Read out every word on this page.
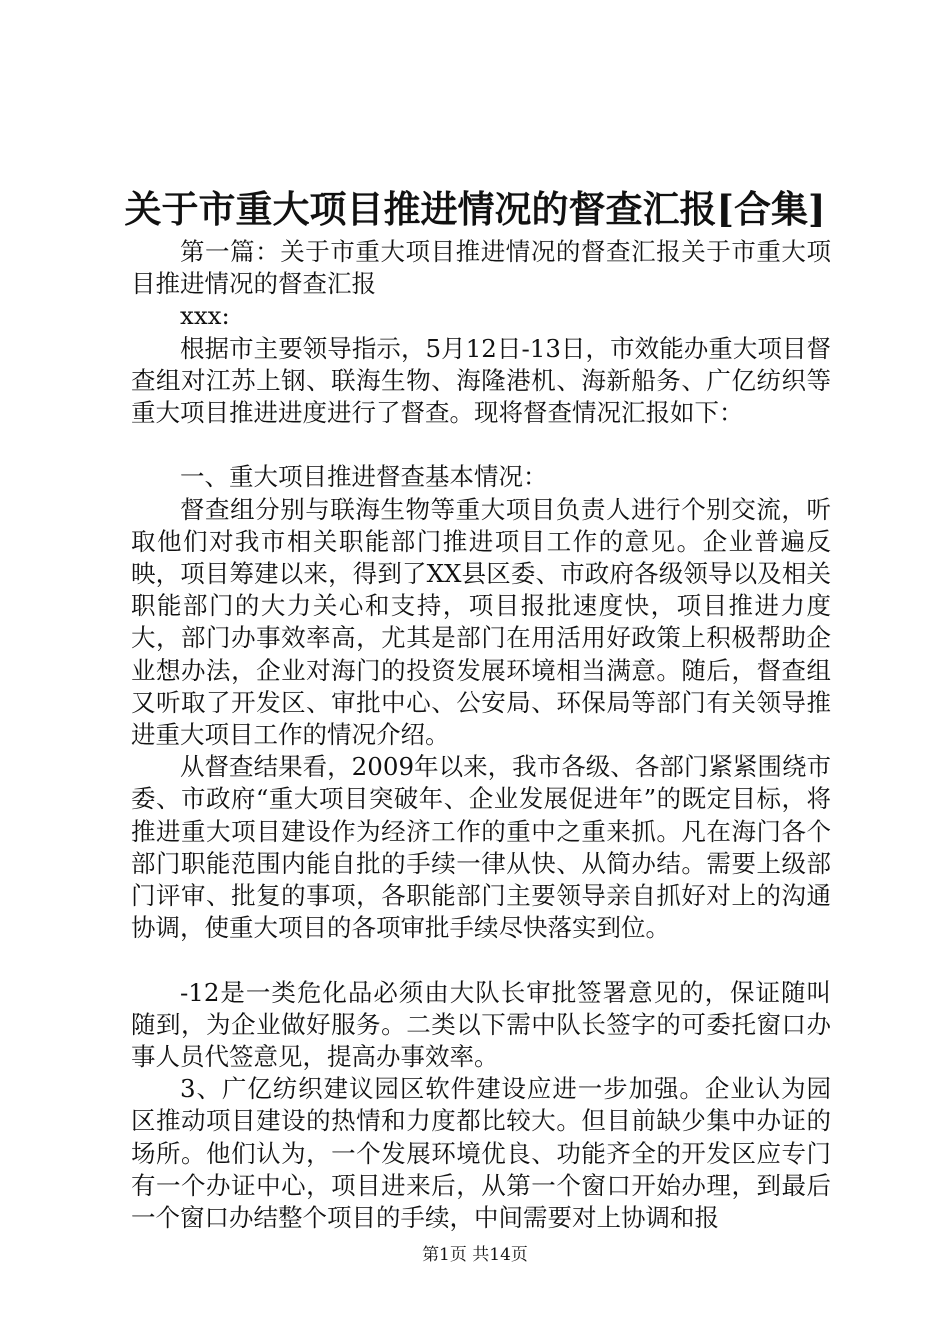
关于市重大项目推进情况的督查汇报[合集]

第一篇：关于市重大项目推进情况的督查汇报关于市重大项目推进情况的督查汇报

xxx:

根据市主要领导指示，5月12日-13日，市效能办重大项目督查组对江苏上钢、联海生物、海隆港机、海新船务、广亿纺织等重大项目推进进度进行了督查。现将督查情况汇报如下：

一、重大项目推进督查基本情况：

督查组分别与联海生物等重大项目负责人进行个别交流，听取他们对我市相关职能部门推进项目工作的意见。企业普遍反映，项目筹建以来，得到了XX县区委、市政府各级领导以及相关职能部门的大力关心和支持，项目报批速度快，项目推进力度大，部门办事效率高，尤其是部门在用活用好政策上积极帮助企业想办法，企业对海门的投资发展环境相当满意。随后，督查组又听取了开发区、审批中心、公安局、环保局等部门有关领导推进重大项目工作的情况介绍。

从督查结果看，2009年以来，我市各级、各部门紧紧围绕市委、市政府“重大项目突破年、企业发展促进年”的既定目标，将推进重大项目建设作为经济工作的重中之重来抓。凡在海门各个部门职能范围内能自批的手续一律从快、从简办结。需要上级部门评审、批复的事项，各职能部门主要领导亲自抓好对上的沟通协调，使重大项目的各项审批手续尽快落实到位。

-12是一类危化品必须由大队长审批签署意见的，保证随叫随到，为企业做好服务。二类以下需中队长签字的可委托窗口办事人员代签意见，提高办事效率。

3、广亿纺织建议园区软件建设应进一步加强。企业认为园区推动项目建设的热情和力度都比较大。但目前缺少集中办证的场所。他们认为，一个发展环境优良、功能齐全的开发区应专门有一个办证中心，项目进来后，从第一个窗口开始办理，到最后一个窗口办结整个项目的手续，中间需要对上协调和报

第1页 共14页
